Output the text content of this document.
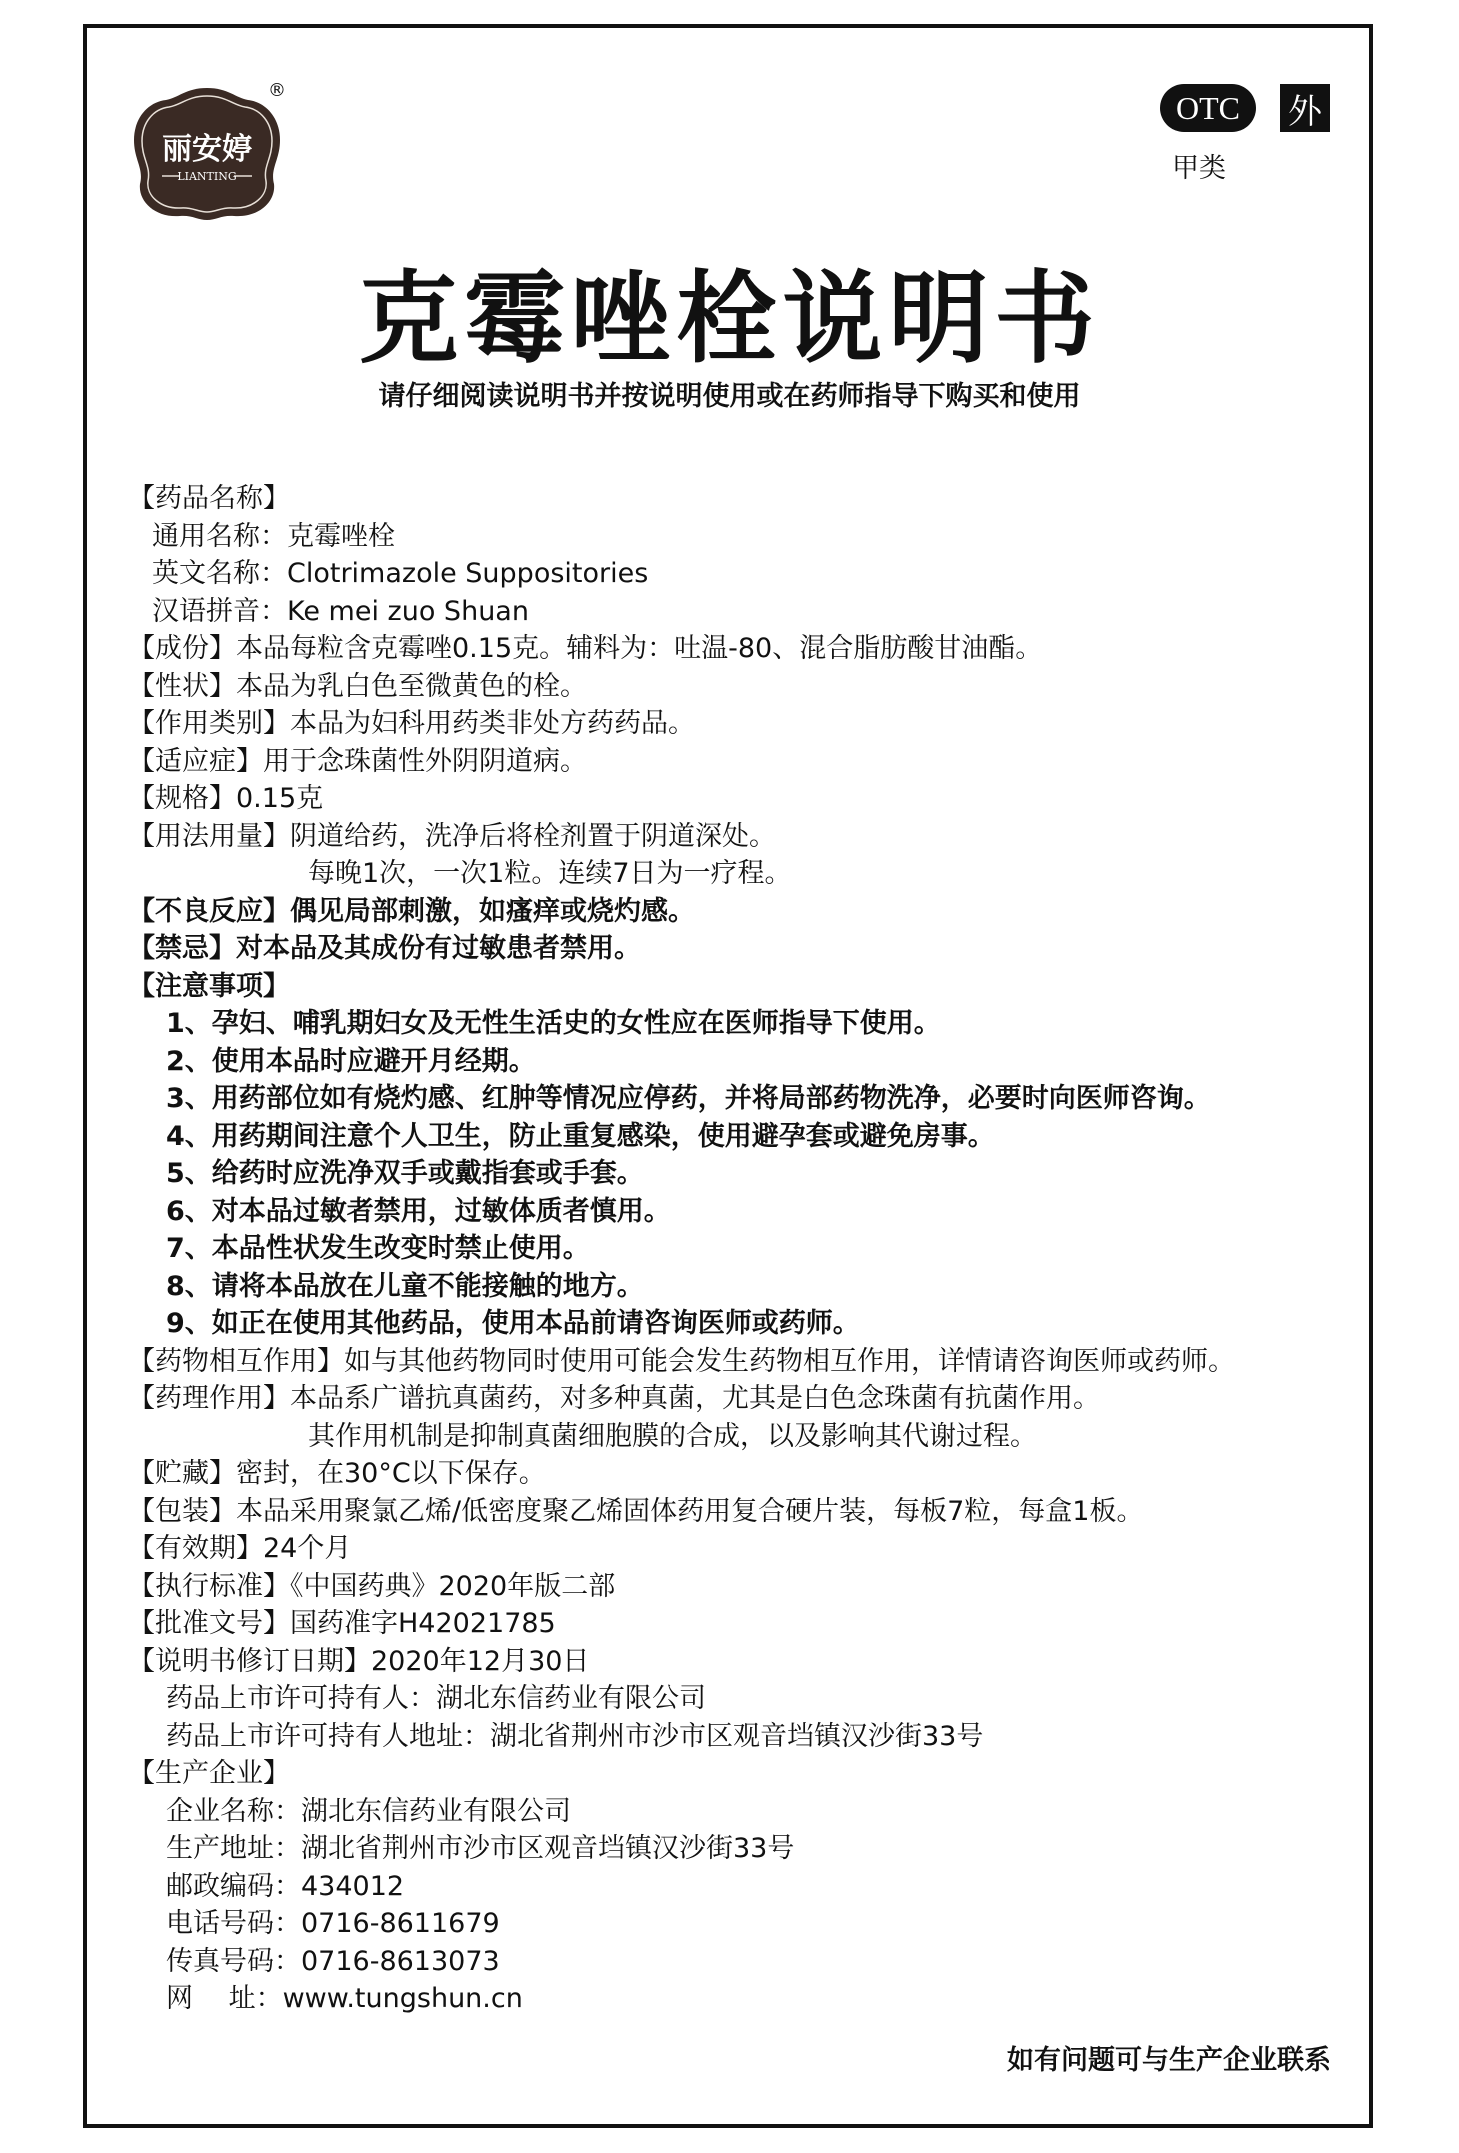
丽安婷
LIANTING
®	OTC	外
甲类
克霉唑栓说明书
请仔细阅读说明书并按说明使用或在药师指导下购买和使用
【药品名称】
通用名称：克霉唑栓
英文名称：Clotrimazole Suppositories
汉语拼音：Ke mei zuo Shuan
【成份】本品每粒含克霉唑0.15克。辅料为：吐温-80、混合脂肪酸甘油酯。
【性状】本品为乳白色至微黄色的栓。
【作用类别】本品为妇科用药类非处方药药品。
【适应症】用于念珠菌性外阴阴道病。
【规格】0.15克
【用法用量】阴道给药，洗净后将栓剂置于阴道深处。
每晚1次，一次1粒。连续7日为一疗程。
【不良反应】偶见局部刺激，如瘙痒或烧灼感。
【禁忌】对本品及其成份有过敏患者禁用。
【注意事项】
1、孕妇、哺乳期妇女及无性生活史的女性应在医师指导下使用。
2、使用本品时应避开月经期。
3、用药部位如有烧灼感、红肿等情况应停药，并将局部药物洗净，必要时向医师咨询。
4、用药期间注意个人卫生，防止重复感染，使用避孕套或避免房事。
5、给药时应洗净双手或戴指套或手套。
6、对本品过敏者禁用，过敏体质者慎用。
7、本品性状发生改变时禁止使用。
8、请将本品放在儿童不能接触的地方。
9、如正在使用其他药品，使用本品前请咨询医师或药师。
【药物相互作用】如与其他药物同时使用可能会发生药物相互作用，详情请咨询医师或药师。
【药理作用】本品系广谱抗真菌药，对多种真菌，尤其是白色念珠菌有抗菌作用。
其作用机制是抑制真菌细胞膜的合成，以及影响其代谢过程。
【贮藏】密封，在30°C以下保存。
【包装】本品采用聚氯乙烯/低密度聚乙烯固体药用复合硬片装，每板7粒，每盒1板。
【有效期】24个月
【执行标准】《中国药典》2020年版二部
【批准文号】国药准字H42021785
【说明书修订日期】2020年12月30日
药品上市许可持有人：湖北东信药业有限公司
药品上市许可持有人地址：湖北省荆州市沙市区观音垱镇汉沙街33号
【生产企业】
企业名称：湖北东信药业有限公司
生产地址：湖北省荆州市沙市区观音垱镇汉沙街33号
邮政编码：434012
电话号码：0716-8611679
传真号码：0716-8613073
网　 址：www.tungshun.cn
如有问题可与生产企业联系
